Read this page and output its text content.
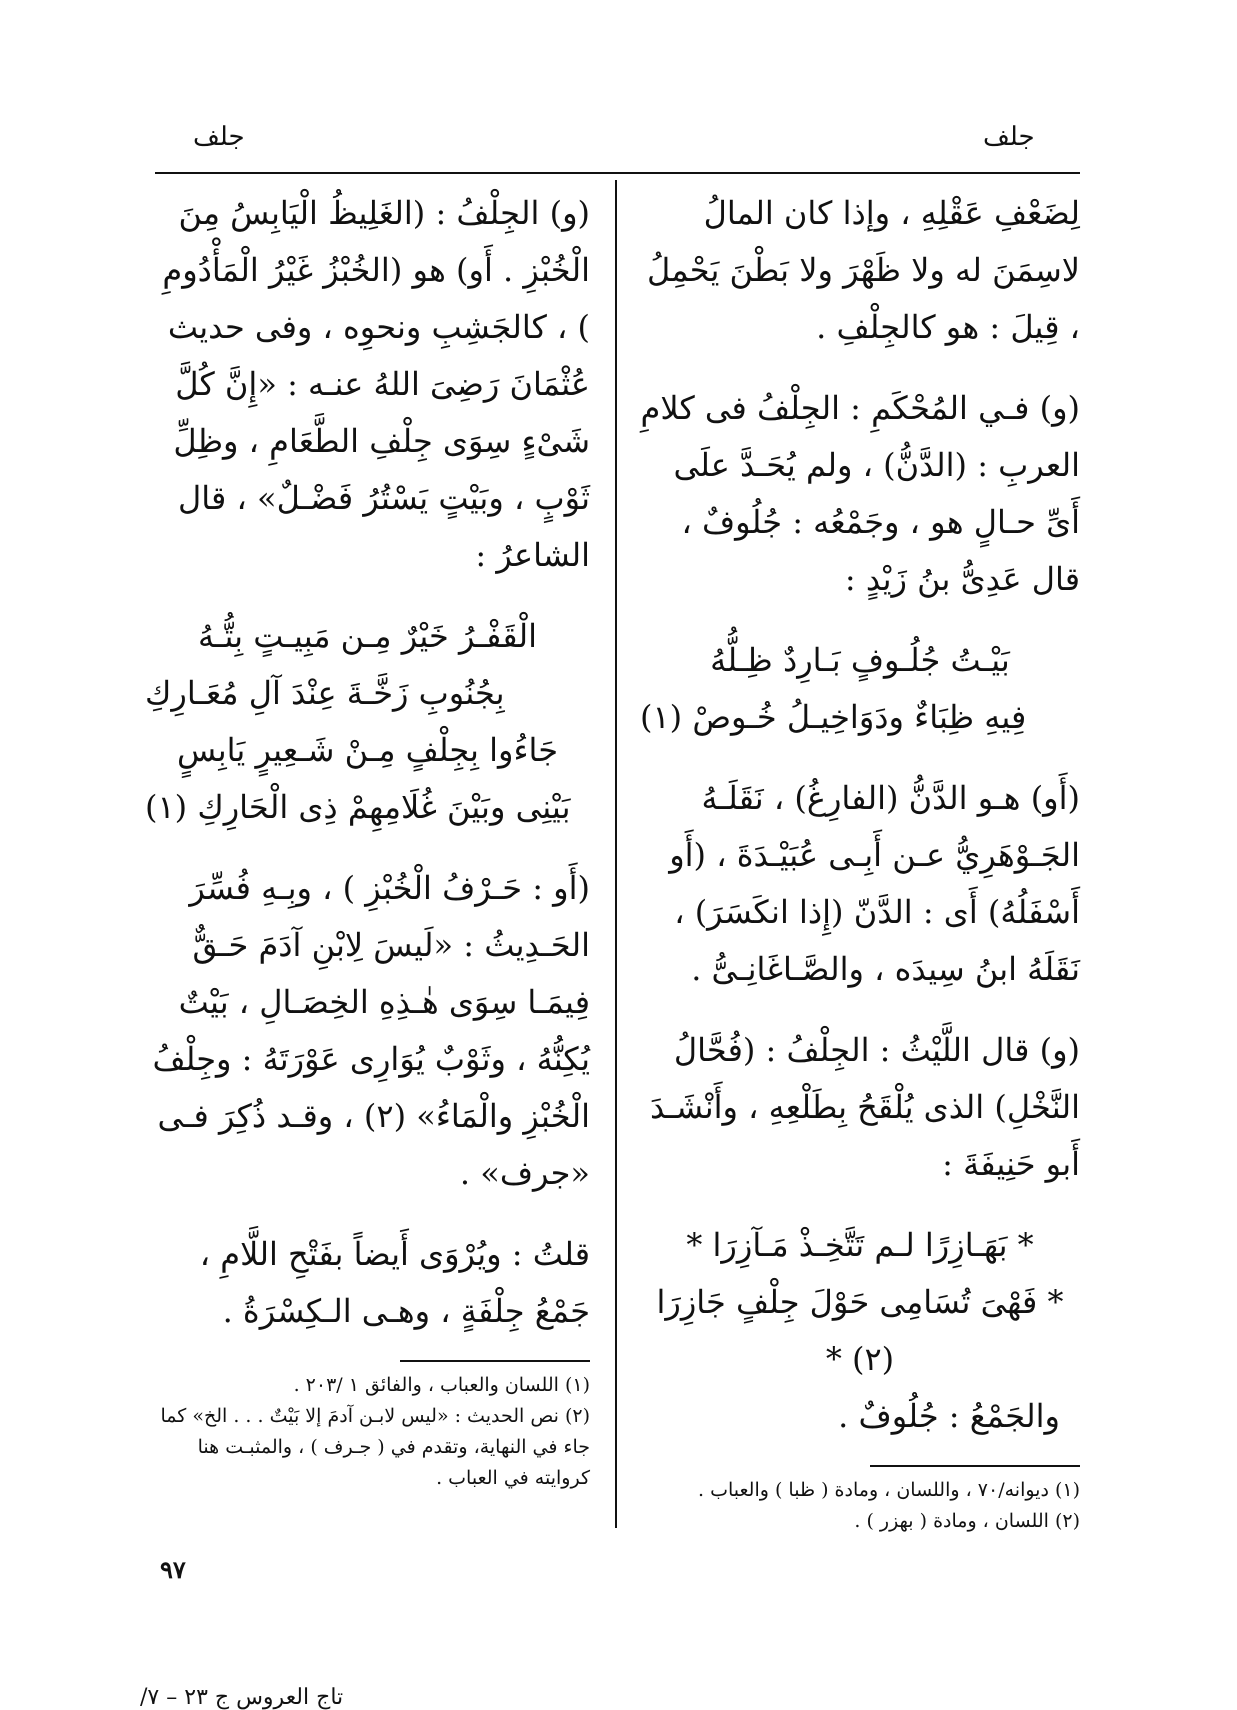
جلف
جلف

لِضَعْفِ عَقْلِهِ ، وإذا كان المالُ لاسِمَنَ له ولا ظَهْرَ ولا بَطْنَ يَحْمِلُ ، قِيلَ : هو كالجِلْفِ .

(و) فـي المُحْكَمِ : الجِلْفُ فى كلامِ العربِ : (الدَّنُّ) ، ولم يُحَـدَّ علَى أَىِّ حـالٍ هو ، وجَمْعُه : جُلُوفٌ ، قال عَدِىُّ بنُ زَيْدٍ :

بَيْـتُ جُلُـوفٍ بَـارِدٌ ظِـلُّهُ

فِيهِ ظِبَاءٌ ودَوَاخِيـلُ خُـوصْ (١)

(أَو) هـو الدَّنُّ (الفارِغُ) ، نَقَلَـهُ الجَـوْهَرِيُّ عـن أَبِـى عُبَيْـدَةَ ، (أَو أَسْفَلُهُ) أَى : الدَّنّ (إِذا انكَسَرَ) ، نَقَلَهُ ابنُ سِيدَه ، والصَّـاغَانِـىُّ .

(و) قال اللَّيْثُ : الجِلْفُ : (فُحَّالُ النَّخْلِ) الذى يُلْقَحُ بِطَلْعِهِ ، وأَنْشَـدَ أَبو حَنِيفَةَ :

* بَهَـازِرًا لـم تَتَّخِـذْ مَـآزِرَا *

* فَهْىَ تُسَامِى حَوْلَ جِلْفٍ جَازِرَا (٢) *

والجَمْعُ : جُلُوفٌ .

(١) ديوانه/٧٠ ، واللسان ، ومادة ( ظبا ) والعباب .

(٢) اللسان ، ومادة ( بهزر ) .

(و) الجِلْفُ : (الغَلِيظُ الْيَابِسُ مِنَ الْخُبْزِ . أَو) هو (الخُبْزُ غَيْرُ الْمَأْدُومِ ) ، كالجَشِبِ ونحوِه ، وفى حديث عُثْمَانَ رَضِىَ اللهُ عنـه : «إِنَّ كُلَّ شَىْءٍ سِوَى جِلْفِ الطَّعَامِ ، وظِلِّ ثَوْبٍ ، وبَيْتٍ يَسْتُرُ فَضْـلٌ» ، قال الشاعرُ :

الْقَفْـرُ خَيْرٌ مِـن مَبِيـتٍ بِتُّـهُ

بِجُنُوبِ زَخَّـةَ عِنْدَ آلِ مُعَـارِكِ

جَاءُوا بِجِلْفٍ مِـنْ شَـعِيرٍ يَابِسٍ

بَيْنِى وبَيْنَ غُلَامِهِمْ ذِى الْحَارِكِ (١)

(أَو : حَـرْفُ الْخُبْزِ ) ، وبِـهِ فُسِّرَ الحَـدِيثُ : «لَيسَ لِابْنِ آدَمَ حَـقٌّ فِيمَـا سِوَى هٰـذِهِ الخِصَـالِ ، بَيْتٌ يُكِنُّهُ ، وثَوْبٌ يُوَارِى عَوْرَتَهُ : وجِلْفُ الْخُبْزِ والْمَاءُ» (٢) ، وقـد ذُكِرَ فـى «جرف» .

قلتُ : ويُرْوَى أَيضاً بفَتْحِ اللَّامِ ، جَمْعُ جِلْفَةٍ ، وهـى الـكِسْرَةُ .

(١) اللسان والعباب ، والفائق ١ /٢٠٣ .

(٢) نص الحديث : «ليس لابـن آدمَ إلا بَيْتٌ . . . الخ» كما جاء في النهاية، وتقدم في ( جـرف ) ، والمثبـت هنا كروايته في العباب .

٩٧
تاج العروس ج ٢٣ – ٧/
